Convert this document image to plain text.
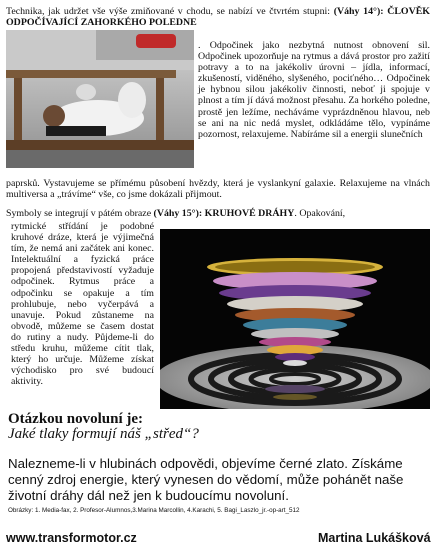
Technika, jak udržet vše výše zmiňované v chodu, se nabízí ve čtvrtém stupni: (Váhy 14°): ČLOVĚK ODPOČÍVAJÍCÍ ZAHORKÉHO POLEDNE

. Odpočinek jako nezbytná nutnost obnovení sil. Odpočinek upozorňuje na rytmus a dává prostor pro zažití potravy a to na jakékoliv úrovni – jídla, informací, zkušeností, viděného, slyšeného, pociťného… Odpočinek je hybnou silou jakékoliv činnosti, neboť ji spojuje v plnost a tím jí dává možnost přesahu. Za horkého poledne, prostě jen ležíme, necháváme vyprázdněnou hlavou, neb se ani na nic nedá myslet, odkládáme tělo, vypínáme pozornost, relaxujeme. Nabíráme sil a energii slunečních

paprsků. Vystavujeme se přímému působení hvězdy, která je vyslankyní galaxie. Relaxujeme na vlnách multiversa a „trávíme“ vše, co jsme dokázali přijmout.

Symboly se integrují v pátém obraze (Váhy 15°): KRUHOVÉ DRÁHY. Opakování,

rytmické střídání je podobné kruhové dráze, která je výjimečná tím, že nemá ani začátek ani konec. Intelektuální a fyzická práce propojená představivostí vyžaduje odpočinek. Rytmus práce a odpočinku se opakuje a tím prohlubuje, nebo vyčerpává a unavuje. Pokud zůstaneme na obvodě, můžeme se časem dostat do rutiny a nudy. Půjdeme-li do středu kruhu, můžeme cítit tlak, který ho určuje. Můžeme získat východisko pro své budoucí aktivity.

Otázkou novoluní je:
Jaké tlaky formují náš „střed“?

Nalezneme-li v hlubinách odpovědi, objevíme černé zlato. Získáme cenný zdroj energie, který vynesen do vědomí, může pohánět naše životní dráhy dál než jen k budoucímu novoluní.

Obrázky: 1. Media-fax, 2. Profesor-Alumnos,3.Marina Marcollin, 4.Karachi, 5. Bagi_Laszlo_jr.-op-art_512
www.transformotor.cz	Martina Lukášková
